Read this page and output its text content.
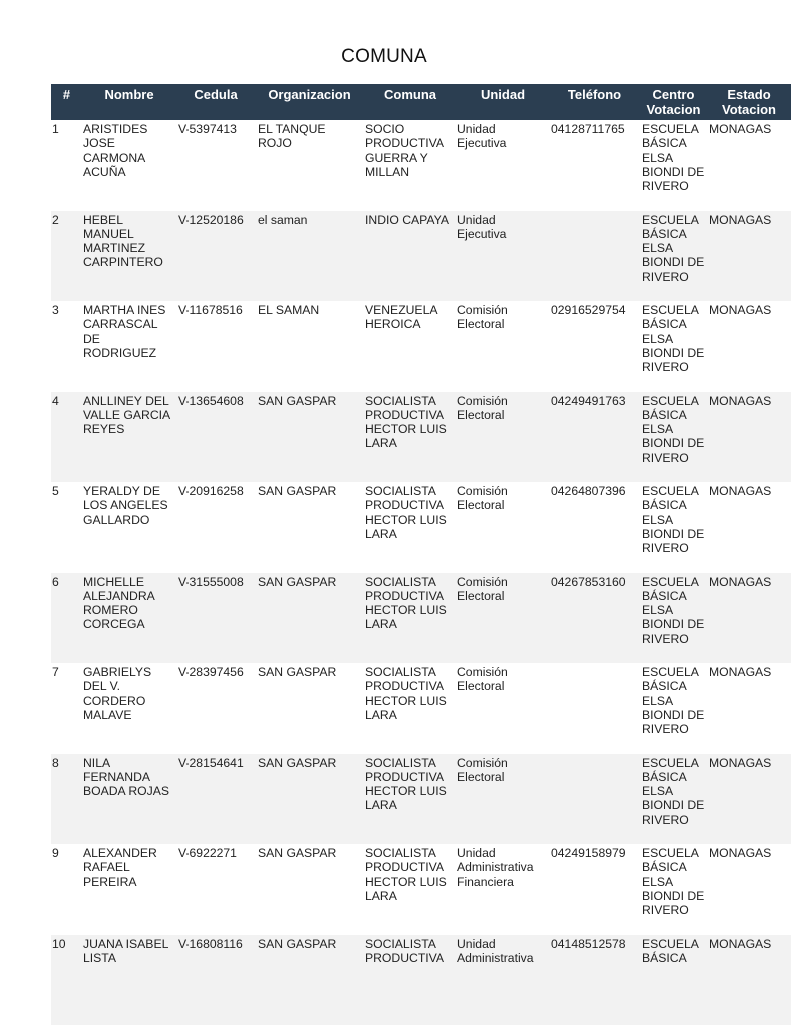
COMUNA
#	Nombre	Cedula	Organizacion	Comuna	Unidad	Teléfono	Centro Votacion	Estado Votacion
1	ARISTIDES JOSE CARMONA ACUÑA	V-5397413	EL TANQUE ROJO	SOCIO PRODUCTIVA GUERRA Y MILLAN	Unidad Ejecutiva	04128711765	ESCUELA BÁSICA ELSA BIONDI DE RIVERO	MONAGAS
2	HEBEL MANUEL MARTINEZ CARPINTERO	V-12520186	el saman	INDIO CAPAYA	Unidad Ejecutiva		ESCUELA BÁSICA ELSA BIONDI DE RIVERO	MONAGAS
3	MARTHA INES CARRASCAL DE RODRIGUEZ	V-11678516	EL SAMAN	VENEZUELA HEROICA	Comisión Electoral	02916529754	ESCUELA BÁSICA ELSA BIONDI DE RIVERO	MONAGAS
4	ANLLINEY DEL VALLE GARCIA REYES	V-13654608	SAN GASPAR	SOCIALISTA PRODUCTIVA HECTOR LUIS LARA	Comisión Electoral	04249491763	ESCUELA BÁSICA ELSA BIONDI DE RIVERO	MONAGAS
5	YERALDY DE LOS ANGELES GALLARDO	V-20916258	SAN GASPAR	SOCIALISTA PRODUCTIVA HECTOR LUIS LARA	Comisión Electoral	04264807396	ESCUELA BÁSICA ELSA BIONDI DE RIVERO	MONAGAS
6	MICHELLE ALEJANDRA ROMERO CORCEGA	V-31555008	SAN GASPAR	SOCIALISTA PRODUCTIVA HECTOR LUIS LARA	Comisión Electoral	04267853160	ESCUELA BÁSICA ELSA BIONDI DE RIVERO	MONAGAS
7	GABRIELYS DEL V. CORDERO MALAVE	V-28397456	SAN GASPAR	SOCIALISTA PRODUCTIVA HECTOR LUIS LARA	Comisión Electoral		ESCUELA BÁSICA ELSA BIONDI DE RIVERO	MONAGAS
8	NILA FERNANDA BOADA ROJAS	V-28154641	SAN GASPAR	SOCIALISTA PRODUCTIVA HECTOR LUIS LARA	Comisión Electoral		ESCUELA BÁSICA ELSA BIONDI DE RIVERO	MONAGAS
9	ALEXANDER RAFAEL PEREIRA	V-6922271	SAN GASPAR	SOCIALISTA PRODUCTIVA HECTOR LUIS LARA	Unidad Administrativa Financiera	04249158979	ESCUELA BÁSICA ELSA BIONDI DE RIVERO	MONAGAS
10	JUANA ISABEL LISTA	V-16808116	SAN GASPAR	SOCIALISTA PRODUCTIVA	Unidad Administrativa	04148512578	ESCUELA BÁSICA	MONAGAS
